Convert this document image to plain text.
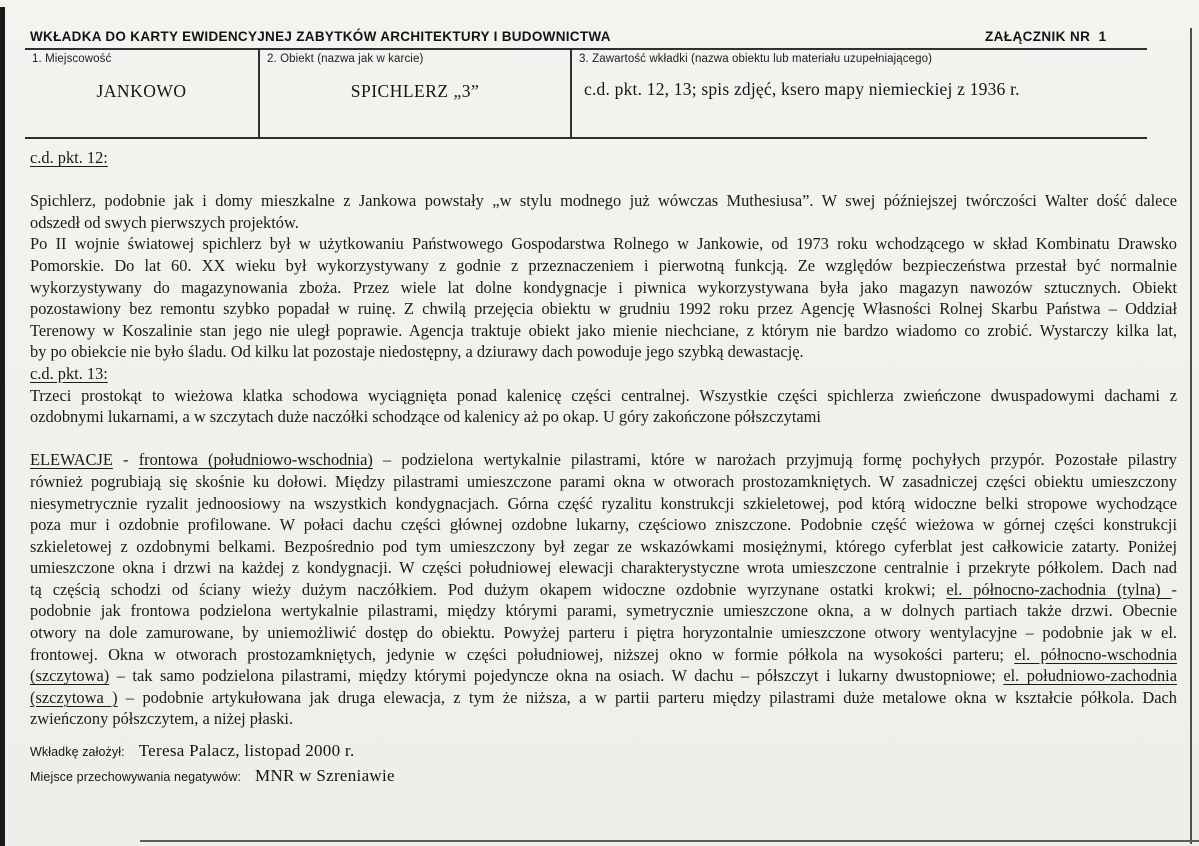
WKŁADKA DO KARTY EWIDENCYJNEJ ZABYTKÓW ARCHITEKTURY I BUDOWNICTWA	ZAŁĄCZNIK NR  1
1. Miejscowość
JANKOWO
2. Obiekt (nazwa jak w karcie)
SPICHLERZ „3”
3. Zawartość wkładki (nazwa obiektu lub materiału uzupełniającego)
c.d. pkt. 12, 13; spis zdjęć, ksero mapy niemieckiej z 1936 r.
c.d. pkt. 12:

Spichlerz, podobnie jak i domy mieszkalne z Jankowa powstały „w stylu modnego już wówczas Muthesiusa”. W swej późniejszej twórczości Walter dość dalece
odszedł od swych pierwszych projektów.
Po II wojnie światowej spichlerz był w użytkowaniu Państwowego Gospodarstwa Rolnego w Jankowie, od 1973 roku wchodzącego w skład Kombinatu Drawsko
Pomorskie. Do lat 60. XX wieku był wykorzystywany z godnie z przeznaczeniem i pierwotną funkcją. Ze względów bezpieczeństwa przestał być normalnie
wykorzystywany do magazynowania zboża. Przez wiele lat dolne kondygnacje i piwnica wykorzystywana była jako magazyn nawozów sztucznych. Obiekt
pozostawiony bez remontu szybko popadał w ruinę. Z chwilą przejęcia obiektu w grudniu 1992 roku przez Agencję Własności Rolnej Skarbu Państwa – Oddział
Terenowy w Koszalinie stan jego nie uległ poprawie. Agencja traktuje obiekt jako mienie niechciane, z którym nie bardzo wiadomo co zrobić. Wystarczy kilka lat,
by po obiekcie nie było śladu. Od kilku lat pozostaje niedostępny, a dziurawy dach powoduje jego szybką dewastację.
c.d. pkt. 13:
Trzeci prostokąt to wieżowa klatka schodowa wyciągnięta ponad kalenicę części centralnej. Wszystkie części spichlerza zwieńczone dwuspadowymi dachami z
ozdobnymi lukarnami, a w szczytach duże naczółki schodzące od kalenicy aż po okap. U góry zakończone półszczytami

ELEWACJE - frontowa (południowo-wschodnia) – podzielona wertykalnie pilastrami, które w narożach przyjmują formę pochyłych przypór. Pozostałe pilastry
również pogrubiają się skośnie ku dołowi. Między pilastrami umieszczone parami okna w otworach prostozamkniętych. W zasadniczej części obiektu umieszczony
niesymetrycznie ryzalit jednoosiowy na wszystkich kondygnacjach. Górna część ryzalitu konstrukcji szkieletowej, pod którą widoczne belki stropowe wychodzące
poza mur i ozdobnie profilowane. W połaci dachu części głównej ozdobne lukarny, częściowo zniszczone. Podobnie część wieżowa w górnej części konstrukcji
szkieletowej z ozdobnymi belkami. Bezpośrednio pod tym umieszczony był zegar ze wskazówkami mosiężnymi, którego cyferblat jest całkowicie zatarty. Poniżej
umieszczone okna i drzwi na każdej z kondygnacji. W części południowej elewacji charakterystyczne wrota umieszczone centralnie i przekryte półkolem. Dach nad
tą częścią schodzi od ściany wieży dużym naczółkiem. Pod dużym okapem widoczne ozdobnie wyrzynane ostatki krokwi; el. północno-zachodnia (tylna) -
podobnie jak frontowa podzielona wertykalnie pilastrami, między którymi parami, symetrycznie umieszczone okna, a w dolnych partiach także drzwi. Obecnie
otwory na dole zamurowane, by uniemożliwić dostęp do obiektu. Powyżej parteru i piętra horyzontalnie umieszczone otwory wentylacyjne – podobnie jak w el.
frontowej. Okna w otworach prostozamkniętych, jedynie w części południowej, niższej okno w formie półkola na wysokości parteru; el. północno-wschodnia
(szczytowa) – tak samo podzielona pilastrami, między którymi pojedyncze okna na osiach. W dachu – półszczyt i lukarny dwustopniowe; el. południowo-zachodnia
(szczytowa ) – podobnie artykułowana jak druga elewacja, z tym że niższa, a w partii parteru między pilastrami duże metalowe okna w kształcie półkola. Dach
zwieńczony półszczytem, a niżej płaski.
Wkładkę założył: Teresa Palacz, listopad 2000 r.
Miejsce przechowywania negatywów: MNR w Szreniawie
